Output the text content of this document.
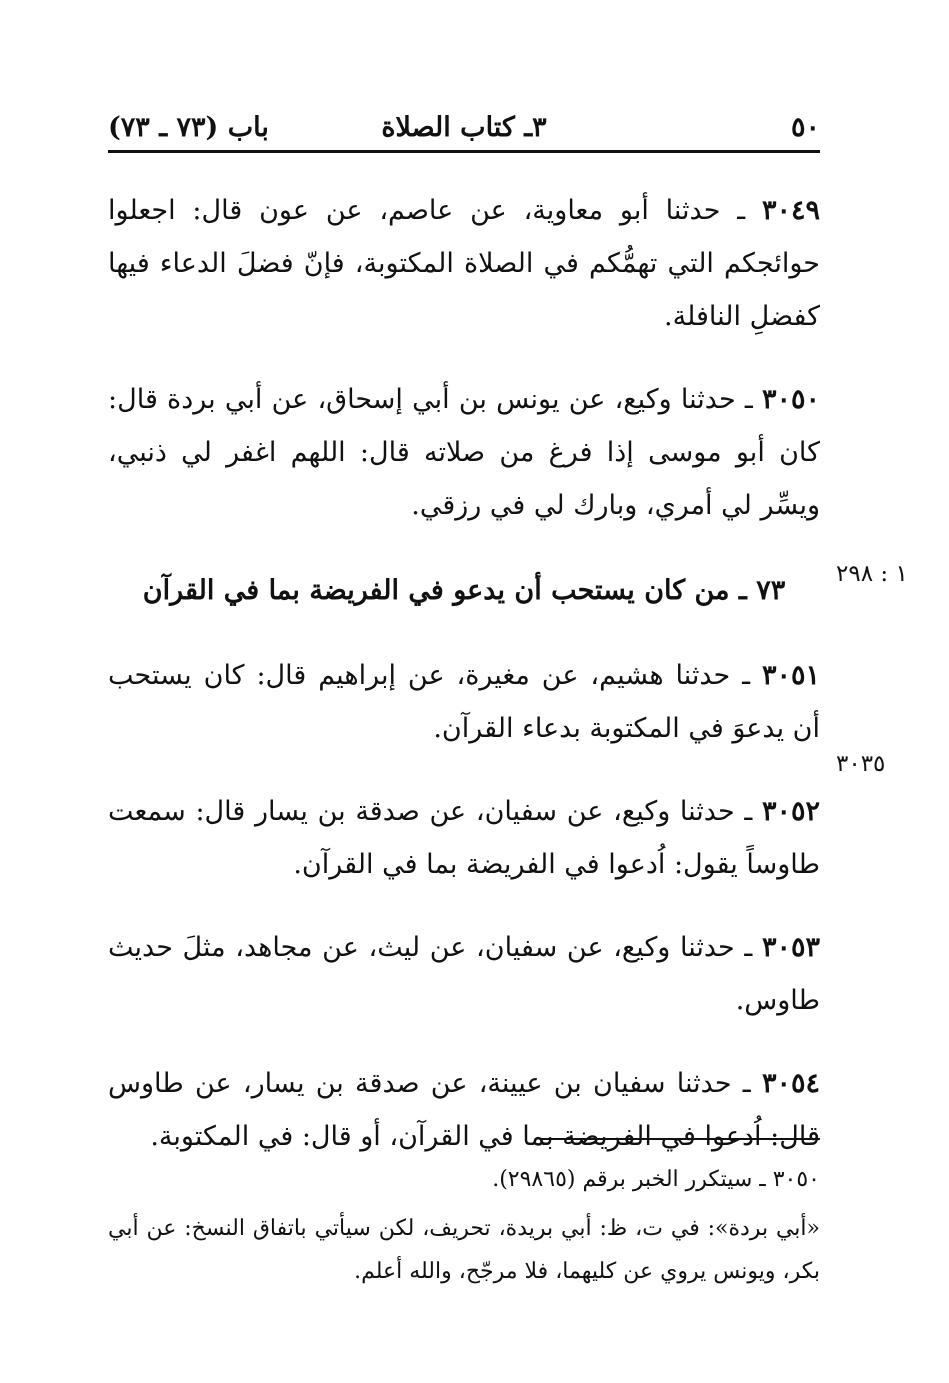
٥٠
٣ـ كتاب الصلاة
باب (٧٣ ـ ٧٣)

٣٠٤٩ ـ حدثنا أبو معاوية، عن عاصم، عن عون قال: اجعلوا حوائجكم التي تهمُّكم في الصلاة المكتوبة، فإنّ فضلَ الدعاء فيها كفضلِ النافلة.

٣٠٥٠ ـ حدثنا وكيع، عن يونس بن أبي إسحاق، عن أبي بردة قال: كان أبو موسى إذا فرغ من صلاته قال: اللهم اغفر لي ذنبي، ويسِّر لي أمري، وبارك لي في رزقي.

٧٣ ـ من كان يستحب أن يدعو في الفريضة بما في القرآن

٣٠٥١ ـ حدثنا هشيم، عن مغيرة، عن إبراهيم قال: كان يستحب أن يدعوَ في المكتوبة بدعاء القرآن.

٣٠٥٢ ـ حدثنا وكيع، عن سفيان، عن صدقة بن يسار قال: سمعت طاوساً يقول: اُدعوا في الفريضة بما في القرآن.

٣٠٥٣ ـ حدثنا وكيع، عن سفيان، عن ليث، عن مجاهد، مثلَ حديث طاوس.

٣٠٥٤ ـ حدثنا سفيان بن عيينة، عن صدقة بن يسار، عن طاوس قال: اُدعوا في الفريضة بما في القرآن، أو قال: في المكتوبة.

١ : ٢٩٨
٣٠٣٥

٣٠٥٠ ـ سيتكرر الخبر برقم (٢٩٨٦٥).

«أبي بردة»: في ت، ظ: أبي بريدة، تحريف، لكن سيأتي باتفاق النسخ: عن أبي بكر، ويونس يروي عن كليهما، فلا مرجّح، والله أعلم.
